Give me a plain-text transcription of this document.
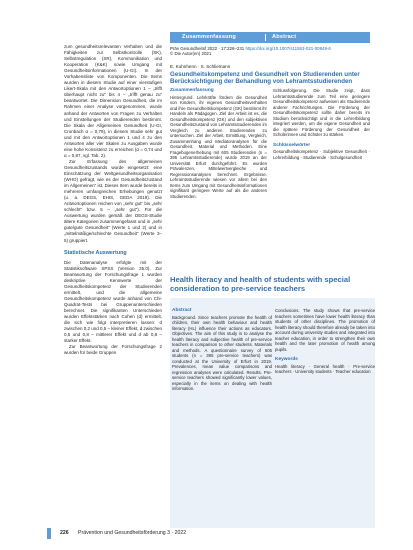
zum gesundheitsrelevanten Verhalten und die Fähigkeiten zur Selbstkontrolle (SK), Selbstregulation (SR), Kommunikation und Kooperation (K&K) sowie Umgang mit Gesundheitsinformationen (U-GI). In der Vorhabensliste von Komponenten. Die Items wurden in diesem Studie auf einer vierstufigen Likert-Skala mit den Antwortoptionen 1 – „trifft überhaupt nicht zu“ bis 4 – „trifft genau zu“ beantwortet. Die Dimension Gesundheit, die im Rahmen einer Analyse vorgenommen, wurde anhand der Antworten von Fragen zu Verhalten und Einstellungen der Studierenden bestimmt. Die Skala der Allgemeinen Gesundheit (U-GI, Cronbach α = 0,79), in diesem Studie sehr gut und mit den Antwortoptionen 1 und 4 zu den Antworten aller vier Skalen zu Ausgaben wurde eine hohe Konsistenz zu erreichen (α = 0,74 und α = 0,87, vgl. Tab. 2).

Zur Erfassung des allgemeinen Gesundheitszustands wurde eingesetzt: eine Einschätzung der Weltgesundheitsorganisation (WHO) gefragt, wie es der Gesundheitszustand im Allgemeinen“ ist. Dieses Item wurde bereits in mehreren umfangreichen Erhebungen genutzt (u. a. DEGS, EHIS, GEDA 2019). Die Antwortoptionen reichen von „sehr gut“ bis „sehr schlecht“ bzw. 5 – „sehr gut“). Für die Auswertung wurden gemäß der DEGS-Studie ältere Kategorien zusammengefasst und in „sehr gute/gute Gesundheit“ (Werte 1 und 2) und in „mittelmäßige/schlechte Gesundheit“ (Werte 3–5) gruppiert.

Statistische Auswertung

Die Datenanalyse erfolgte mit der Statistiksoftware SPSS (Version 25.0). Zur Beantwortung der Forschungsfrage 1 wurden deskriptive Kennwerte der Gesundheitskompetenz der Studierenden ermittelt, und die allgemeine Gesundheitskompetenz wurde anhand von Chi-Quadrat-Tests bei Gruppenunterschieden berechnet. Die signifikanten Unterschieden wurden Effektstärken nach Cohen (d) ermittelt, die sich wie folgt interpretieren lassen: d zwischen 0,2 und 0,5 – kleiner Effekt, d zwischen 0,5 und 0,8 – mittlerer Effekt und d ab 0,8 – starker Effekt.

Zur Beantwortung der Forschungsfrage 2 wurden für beide Gruppen

Zusammenfassung	Abstract
Präv Gesundheitsf 2022 · 17:226–231 https://doi.org/10.1007/s11553-021-00849-6
© Die Autor(en) 2021
E. Kuhnhenn · S. Schliemann
Gesundheitskompetenz und Gesundheit von Studierenden unter Berücksichtigung der Behandlung von Lehramtsstudierenden
Zusammenfassung

Hintergrund. Lehrkräfte fördern die Gesundheit von Kindern, ihr eigenes Gesundheitsverhalten und ihre Gesundheitskompetenz (GK) bestimmt ihr Handeln als Pädagogen. Ziel der Arbeit ist es, die Gesundheitskompetenz (GK) und den subjektiven Gesundheitszustand von Lehramtsstudierenden im Vergleich zu anderen Studierenden zu untersuchen. Ziel der Arbeit. Ermittlung, Vergleich, Zusammenhang und Mediatoranalysen für die Gesundheit. Material und Methoden. Eine Fragebogenerhebung mit 605 Studierenden (n = 395 Lehramtsstudierende) wurde 2019 an der Universität Erfurt durchgeführt. Es wurden Prävalenzen, Mittelwertvergleiche und Regressionsanalysen berechnet. Ergebnisse. Lehramtsstudierende wiesen vor allem bei den Items zum Umgang mit Gesundheitsinformationen signifikant geringere Werte auf als die anderen Studierenden.

Schlussfolgerung. Die Studie zeigt, dass Lehramtsstudierende zum Teil eine geringere Gesundheitskompetenz aufweisen als Studierende anderer Fachrichtungen. Die Förderung der Gesundheitskompetenz sollte daher bereits im Studium berücksichtigt und in die Lehrerbildung integriert werden, um die eigene Gesundheit und die spätere Förderung der Gesundheit der Schülerinnen und Schüler zu stärken.

Schlüsselwörter

Gesundheitskompetenz · Subjektive Gesundheit · Lehrerbildung · Studierende · Schulgesundheit

Health literacy and health of students with special consideration to pre-service teachers
Abstract

Background. Since teachers promote the health of children, their own health behaviour and health literacy (HL) influence their actions as educators. Objectives. The aim of this study is to analyse the health literacy and subjective health of pre-service teachers in comparison to other students. Materials and methods. A questionnaire survey of 605 students (n = 395 pre-service teachers) was conducted at the University of Erfurt in 2019. Prevalences, mean value comparisons and regression analyses were calculated. Results. Pre-service teachers showed significantly lower values, especially in the items on dealing with health information.

Conclusions. The study shows that pre-service teachers sometimes have lower health literacy than students of other disciplines. The promotion of health literacy should therefore already be taken into account during university studies and integrated into teacher education, in order to strengthen their own health and the later promotion of health among pupils.

Keywords

Health literacy · General health · Pre-service teachers · University students · Teacher education

226 Prävention und Gesundheitsförderung 3 · 2022
